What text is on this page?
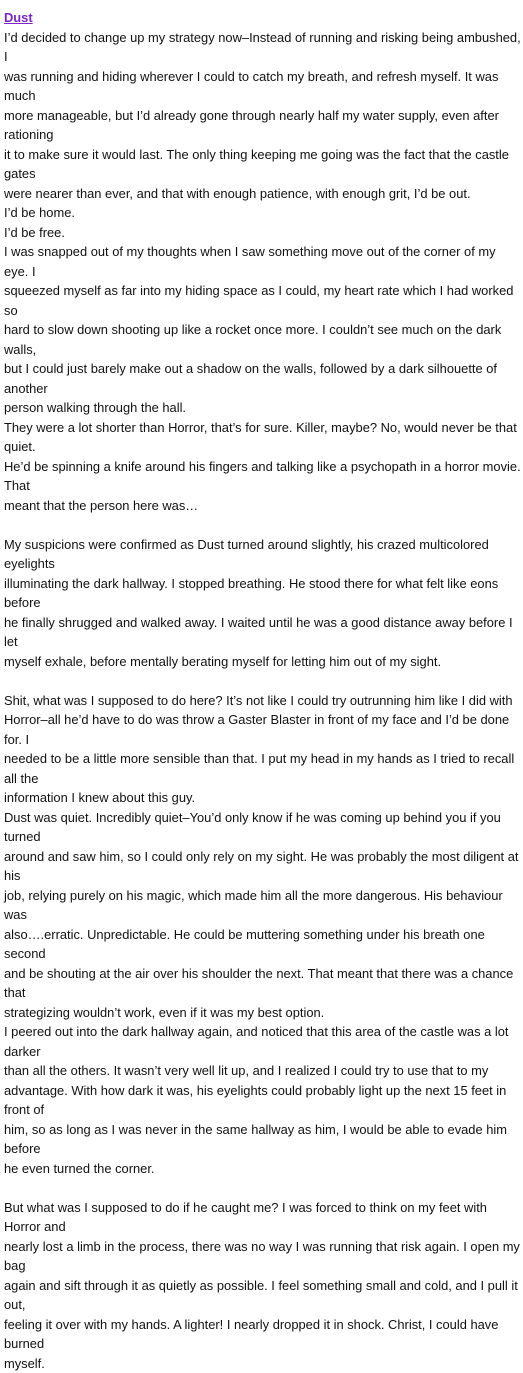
Dust
I’d decided to change up my strategy now–Instead of running and risking being ambushed, I
was running and hiding wherever I could to catch my breath, and refresh myself. It was much
more manageable, but I’d already gone through nearly half my water supply, even after rationing
it to make sure it would last. The only thing keeping me going was the fact that the castle gates
were nearer than ever, and that with enough patience, with enough grit, I’d be out.
I’d be home.
I’d be free.
I was snapped out of my thoughts when I saw something move out of the corner of my eye. I
squeezed myself as far into my hiding space as I could, my heart rate which I had worked so
hard to slow down shooting up like a rocket once more. I couldn’t see much on the dark walls,
but I could just barely make out a shadow on the walls, followed by a dark silhouette of another
person walking through the hall.
They were a lot shorter than Horror, that’s for sure. Killer, maybe? No, would never be that quiet.
He’d be spinning a knife around his fingers and talking like a psychopath in a horror movie. That
meant that the person here was…
My suspicions were confirmed as Dust turned around slightly, his crazed multicolored eyelights
illuminating the dark hallway. I stopped breathing. He stood there for what felt like eons before
he finally shrugged and walked away. I waited until he was a good distance away before I let
myself exhale, before mentally berating myself for letting him out of my sight.
Shit, what was I supposed to do here? It’s not like I could try outrunning him like I did with
Horror–all he’d have to do was throw a Gaster Blaster in front of my face and I’d be done for. I
needed to be a little more sensible than that. I put my head in my hands as I tried to recall all the
information I knew about this guy.
Dust was quiet. Incredibly quiet–You’d only know if he was coming up behind you if you turned
around and saw him, so I could only rely on my sight. He was probably the most diligent at his
job, relying purely on his magic, which made him all the more dangerous. His behaviour was
also….erratic. Unpredictable. He could be muttering something under his breath one second
and be shouting at the air over his shoulder the next. That meant that there was a chance that
strategizing wouldn’t work, even if it was my best option.
I peered out into the dark hallway again, and noticed that this area of the castle was a lot darker
than all the others. It wasn’t very well lit up, and I realized I could try to use that to my
advantage. With how dark it was, his eyelights could probably light up the next 15 feet in front of
him, so as long as I was never in the same hallway as him, I would be able to evade him before
he even turned the corner.
But what was I supposed to do if he caught me? I was forced to think on my feet with Horror and
nearly lost a limb in the process, there was no way I was running that risk again. I open my bag
again and sift through it as quietly as possible. I feel something small and cold, and I pull it out,
feeling it over with my hands. A lighter! I nearly dropped it in shock. Christ, I could have burned
myself.
